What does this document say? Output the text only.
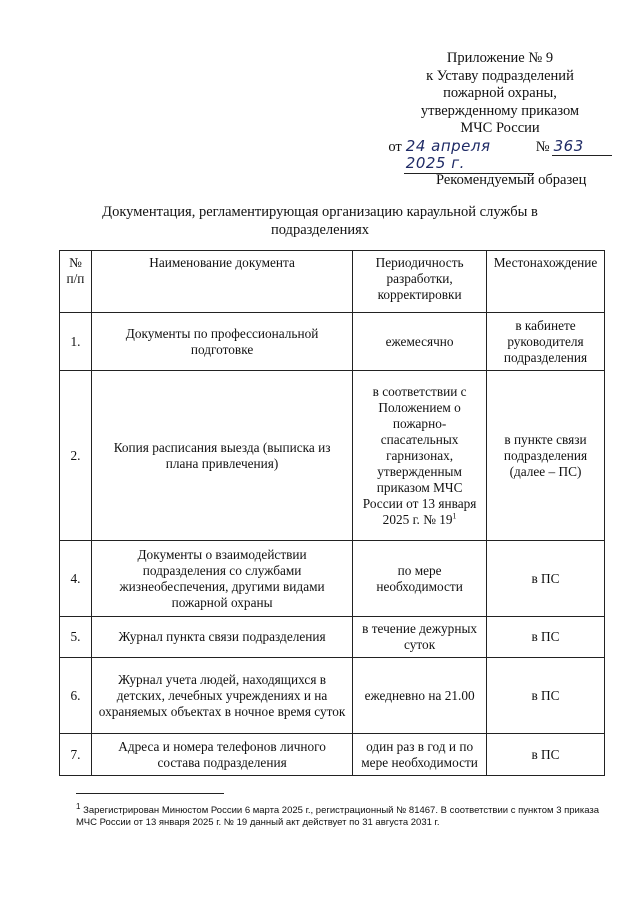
Приложение № 9
к Уставу подразделений
пожарной охраны,
утвержденному приказом
МЧС России
от 24 апреля 2025 г.
№ 363
Рекомендуемый образец
Документация, регламентирующая организацию караульной службы в подразделениях
№ п/п	Наименование документа	Периодичность разработки, корректировки	Местонахождение
1.	Документы по профессиональной подготовке	ежемесячно	в кабинете руководителя подразделения
2.	Копия расписания выезда (выписка из плана привлечения)	в соответствии с Положением о пожарно-спасательных гарнизонах, утвержденным приказом МЧС России от 13 января 2025 г. № $19^1$	в пункте связи подразделения (далее – ПС)
4.	Документы о взаимодействии подразделения со службами жизнеобеспечения, другими видами пожарной охраны	по мере необходимости	в ПС
5.	Журнал пункта связи подразделения	в течение дежурных суток	в ПС
6.	Журнал учета людей, находящихся в детских, лечебных учреждениях и на охраняемых объектах в ночное время суток	ежедневно на 21.00	в ПС
7.	Адреса и номера телефонов личного состава подразделения	один раз в год и по мере необходимости	в ПС
$^1$ Зарегистрирован Минюстом России 6 марта 2025 г., регистрационный № 81467. В соответствии с пунктом 3 приказа МЧС России от 13 января 2025 г. № 19 данный акт действует по 31 августа 2031 г.
